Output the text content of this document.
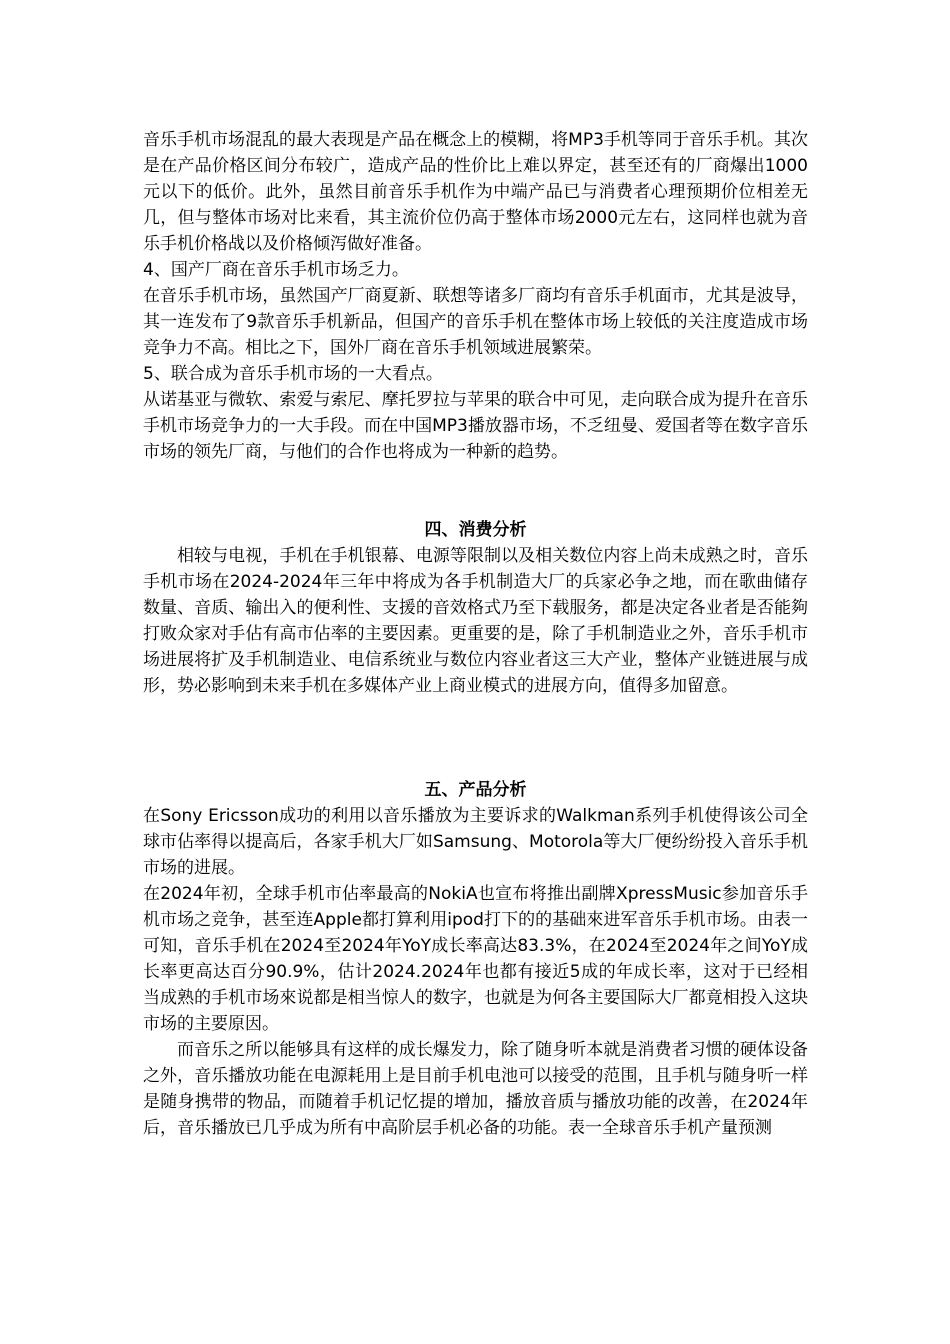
音乐手机市场混乱的最大表现是产品在概念上的模糊，将MP3手机等同于音乐手机。其次是在产品价格区间分布较广，造成产品的性价比上难以界定，甚至还有的厂商爆出1000元以下的低价。此外，虽然目前音乐手机作为中端产品已与消费者心理预期价位相差无几，但与整体市场对比来看，其主流价位仍高于整体市场2000元左右，这同样也就为音乐手机价格战以及价格倾泻做好准备。

4、国产厂商在音乐手机市场乏力。

在音乐手机市场，虽然国产厂商夏新、联想等诸多厂商均有音乐手机面市，尤其是波导，其一连发布了9款音乐手机新品，但国产的音乐手机在整体市场上较低的关注度造成市场竞争力不高。相比之下，国外厂商在音乐手机领域进展繁荣。

5、联合成为音乐手机市场的一大看点。

从诺基亚与微软、索爱与索尼、摩托罗拉与苹果的联合中可见，走向联合成为提升在音乐手机市场竞争力的一大手段。而在中国MP3播放器市场，不乏纽曼、爱国者等在数字音乐市场的领先厂商，与他们的合作也将成为一种新的趋势。

四、消费分析

相较与电视，手机在手机银幕、电源等限制以及相关数位内容上尚未成熟之时，音乐手机市场在2024-2024年三年中将成为各手机制造大厂的兵家必争之地，而在歌曲储存数量、音质、输出入的便利性、支援的音效格式乃至下载服务，都是决定各业者是否能夠打败众家对手佔有高市佔率的主要因素。更重要的是，除了手机制造业之外，音乐手机市场进展将扩及手机制造业、电信系统业与数位内容业者这三大产业，整体产业链进展与成形，势必影响到未来手机在多媒体产业上商业模式的进展方向，值得多加留意。

五、产品分析

在Sony Ericsson成功的利用以音乐播放为主要诉求的Walkman系列手机使得该公司全球市佔率得以提高后，各家手机大厂如Samsung、Motorola等大厂便纷纷投入音乐手机市场的进展。

在2024年初，全球手机市佔率最高的NokiA也宣布将推出副牌XpressMusic参加音乐手机市场之竞争，甚至连Apple都打算利用ipod打下的的基础來进军音乐手机市场。由表一可知，音乐手机在2024至2024年YoY成长率高达83.3%，在2024至2024年之间YoY成长率更高达百分90.9%，估计2024.2024年也都有接近5成的年成长率，这对于已经相当成熟的手机市场來说都是相当惊人的数字，也就是为何各主要国际大厂都竟相投入这块市场的主要原因。

而音乐之所以能够具有这样的成长爆发力，除了随身听本就是消费者习惯的硬体设备之外，音乐播放功能在电源耗用上是目前手机电池可以接受的范围，且手机与随身听一样是随身携带的物品，而随着手机记忆提的增加，播放音质与播放功能的改善，在2024年后，音乐播放已几乎成为所有中高阶层手机必备的功能。表一全球音乐手机产量预测
